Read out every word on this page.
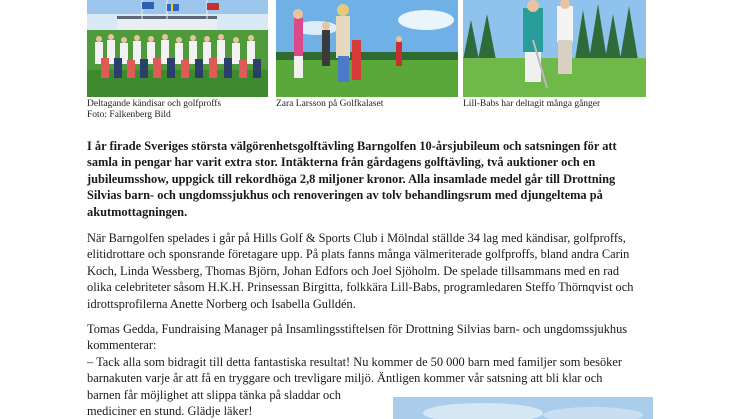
Deltagande kändisar och golfproffs
Foto: Falkenberg Bild
Zara Larsson på Golfkalaset	Lill-Babs har deltagit många gånger

I år firade Sveriges största välgörenhetsgolftävling Barngolfen 10-årsjubileum och satsningen för att
samla in pengar har varit extra stor. Intäkterna från gårdagens golftävling, två auktioner och en
jubileumsshow, uppgick till rekordhöga 2,8 miljoner kronor. Alla insamlade medel går till Drottning
Silvias barn- och ungdomssjukhus och renoveringen av tolv behandlingsrum med djungeltema på
akutmottagningen.

När Barngolfen spelades i går på Hills Golf & Sports Club i Mölndal ställde 34 lag med kändisar, golfproffs,
elitidrottare och sponsrande företagare upp. På plats fanns många välmeriterade golfproffs, bland andra Carin
Koch, Linda Wessberg, Thomas Björn, Johan Edfors och Joel Sjöholm. De spelade tillsammans med en rad
olika celebriteter såsom H.K.H. Prinsessan Birgitta, folkkära Lill-Babs, programledaren Steffo Thörnqvist och
idrottsprofilerna Anette Norberg och Isabella Gulldén.

Tomas Gedda, Fundraising Manager på Insamlingsstiftelsen för Drottning Silvias barn- och ungdomssjukhus
kommenterar:
– Tack alla som bidragit till detta fantastiska resultat! Nu kommer de 50 000 barn med familjer som besöker
barnakuten varje år att få en tryggare och trevligare miljö. Äntligen kommer vår satsning att bli klar och
barnen får möjlighet att slippa tänka på sladdar och
mediciner en stund. Glädje läker!
